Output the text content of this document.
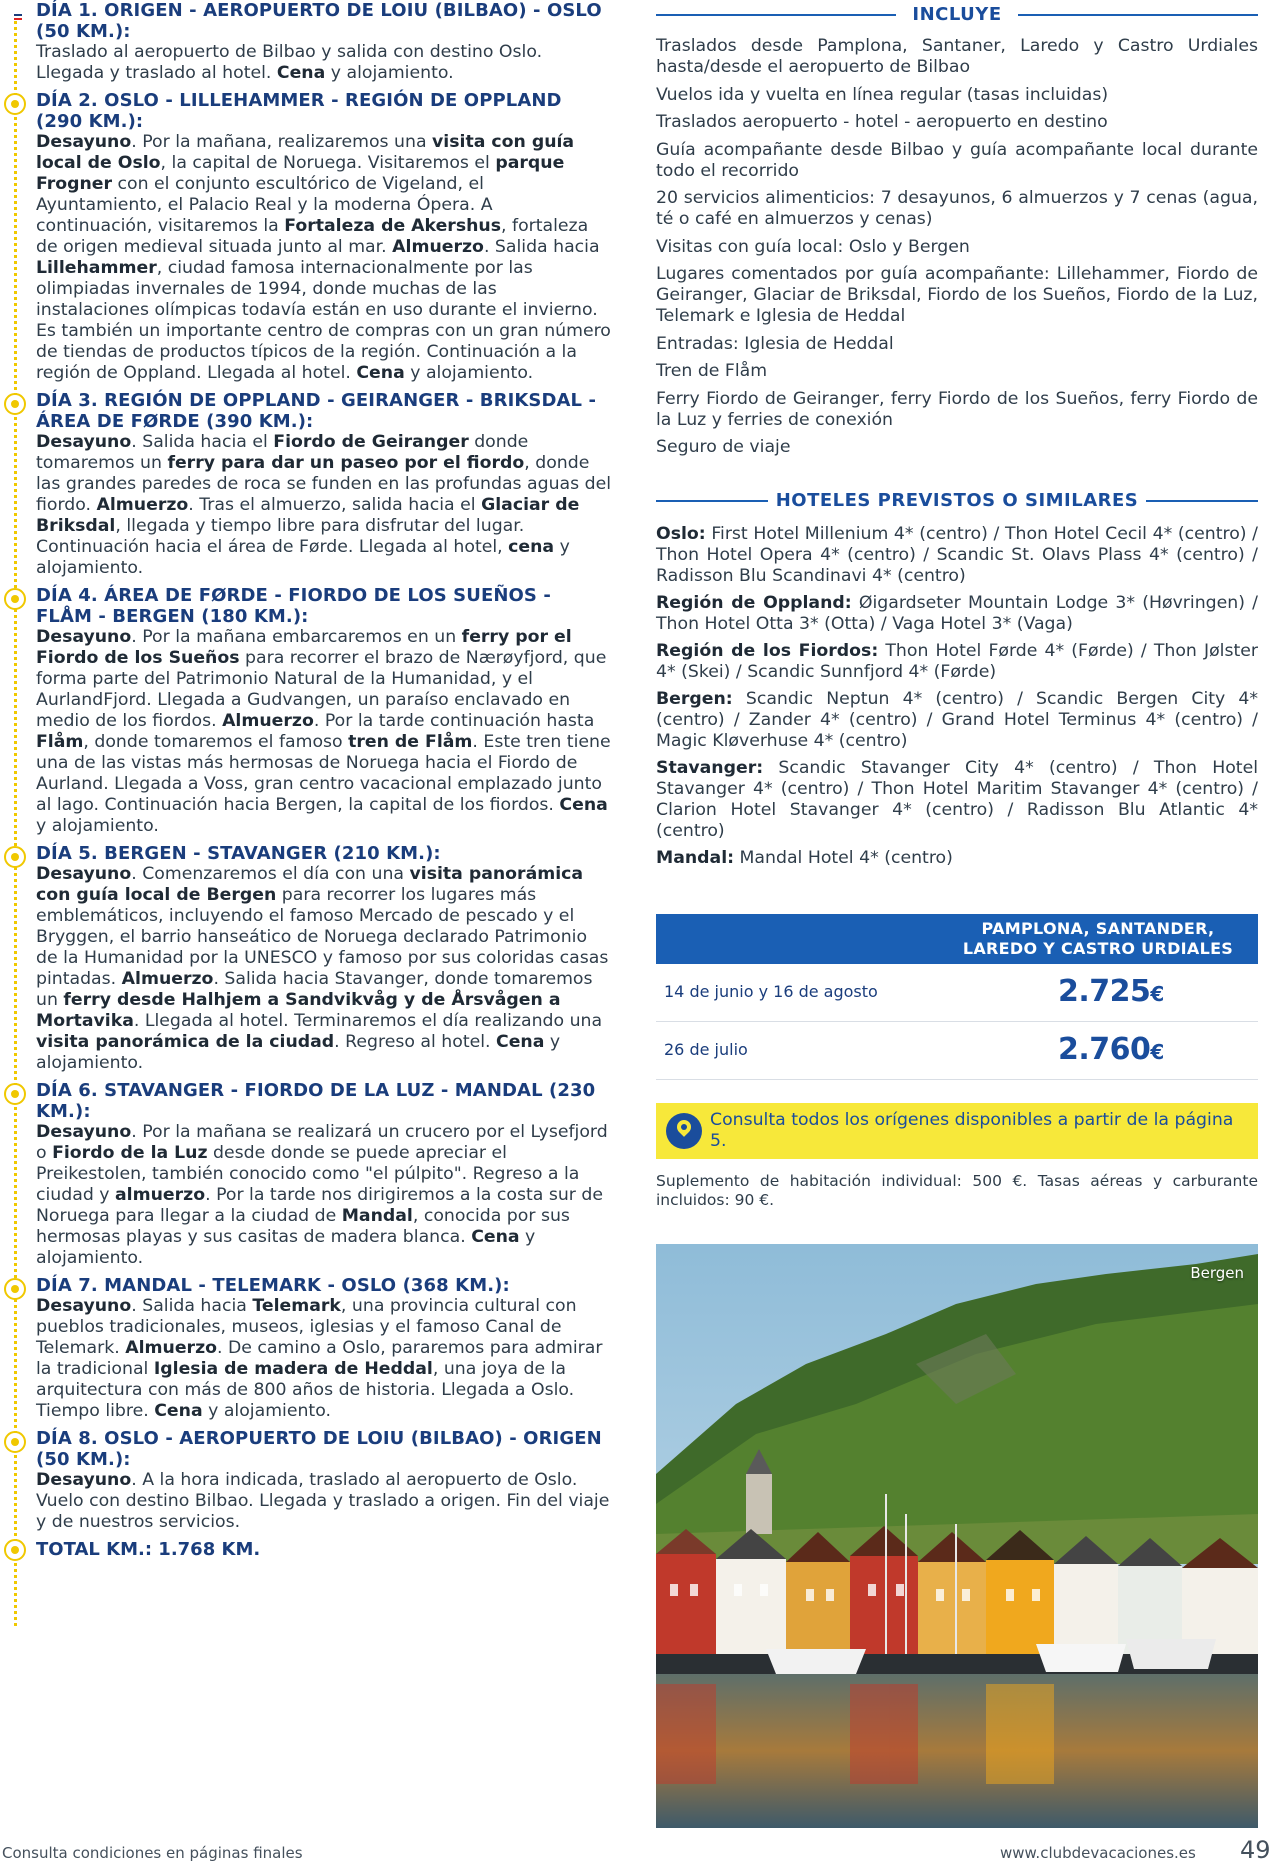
DÍA 1. ORIGEN - AEROPUERTO DE LOIU (BILBAO) - OSLO (50 KM.):
Traslado al aeropuerto de Bilbao y salida con destino Oslo. Llegada y traslado al hotel. Cena y alojamiento.
DÍA 2. OSLO - LILLEHAMMER - REGIÓN DE OPPLAND (290 KM.):
Desayuno. Por la mañana, realizaremos una visita con guía local de Oslo, la capital de Noruega. Visitaremos el parque Frogner con el conjunto escultórico de Vigeland, el Ayuntamiento, el Palacio Real y la moderna Ópera. A continuación, visitaremos la Fortaleza de Akershus, fortaleza de origen medieval situada junto al mar. Almuerzo. Salida hacia Lillehammer, ciudad famosa internacionalmente por las olimpiadas invernales de 1994, donde muchas de las instalaciones olímpicas todavía están en uso durante el invierno. Es también un importante centro de compras con un gran número de tiendas de productos típicos de la región. Continuación a la región de Oppland. Llegada al hotel. Cena y alojamiento.
DÍA 3. REGIÓN DE OPPLAND - GEIRANGER - BRIKSDAL - ÁREA DE FØRDE (390 KM.):
Desayuno. Salida hacia el Fiordo de Geiranger donde tomaremos un ferry para dar un paseo por el fiordo, donde las grandes paredes de roca se funden en las profundas aguas del fiordo. Almuerzo. Tras el almuerzo, salida hacia el Glaciar de Briksdal, llegada y tiempo libre para disfrutar del lugar. Continuación hacia el área de Førde. Llegada al hotel, cena y alojamiento.
DÍA 4. ÁREA DE FØRDE - FIORDO DE LOS SUEÑOS - FLÅM - BERGEN (180 KM.):
Desayuno. Por la mañana embarcaremos en un ferry por el Fiordo de los Sueños para recorrer el brazo de Nærøyfjord, que forma parte del Patrimonio Natural de la Humanidad, y el AurlandFjord. Llegada a Gudvangen, un paraíso enclavado en medio de los fiordos. Almuerzo. Por la tarde continuación hasta Flåm, donde tomaremos el famoso tren de Flåm. Este tren tiene una de las vistas más hermosas de Noruega hacia el Fiordo de Aurland. Llegada a Voss, gran centro vacacional emplazado junto al lago. Continuación hacia Bergen, la capital de los fiordos. Cena y alojamiento.
DÍA 5. BERGEN - STAVANGER (210 KM.):
Desayuno. Comenzaremos el día con una visita panorámica con guía local de Bergen para recorrer los lugares más emblemáticos, incluyendo el famoso Mercado de pescado y el Bryggen, el barrio hanseático de Noruega declarado Patrimonio de la Humanidad por la UNESCO y famoso por sus coloridas casas pintadas. Almuerzo. Salida hacia Stavanger, donde tomaremos un ferry desde Halhjem a Sandvikvåg y de Årsvågen a Mortavika. Llegada al hotel. Terminaremos el día realizando una visita panorámica de la ciudad. Regreso al hotel. Cena y alojamiento.
DÍA 6. STAVANGER - FIORDO DE LA LUZ - MANDAL (230 KM.):
Desayuno. Por la mañana se realizará un crucero por el Lysefjord o Fiordo de la Luz desde donde se puede apreciar el Preikestolen, también conocido como "el púlpito". Regreso a la ciudad y almuerzo. Por la tarde nos dirigiremos a la costa sur de Noruega para llegar a la ciudad de Mandal, conocida por sus hermosas playas y sus casitas de madera blanca. Cena y alojamiento.
DÍA 7. MANDAL - TELEMARK - OSLO (368 KM.):
Desayuno. Salida hacia Telemark, una provincia cultural con pueblos tradicionales, museos, iglesias y el famoso Canal de Telemark. Almuerzo. De camino a Oslo, pararemos para admirar la tradicional Iglesia de madera de Heddal, una joya de la arquitectura con más de 800 años de historia. Llegada a Oslo. Tiempo libre. Cena y alojamiento.
DÍA 8. OSLO - AEROPUERTO DE LOIU (BILBAO) - ORIGEN (50 KM.):
Desayuno. A la hora indicada, traslado al aeropuerto de Oslo. Vuelo con destino Bilbao. Llegada y traslado a origen. Fin del viaje y de nuestros servicios.
TOTAL KM.: 1.768 KM.
INCLUYE
Traslados desde Pamplona, Santaner, Laredo y Castro Urdiales hasta/desde el aeropuerto de Bilbao
Vuelos ida y vuelta en línea regular (tasas incluidas)
Traslados aeropuerto - hotel - aeropuerto en destino
Guía acompañante desde Bilbao y guía acompañante local durante todo el recorrido
20 servicios alimenticios: 7 desayunos, 6 almuerzos y 7 cenas (agua, té o café en almuerzos y cenas)
Visitas con guía local: Oslo y Bergen
Lugares comentados por guía acompañante: Lillehammer, Fiordo de Geiranger, Glaciar de Briksdal, Fiordo de los Sueños, Fiordo de la Luz, Telemark e Iglesia de Heddal
Entradas: Iglesia de Heddal
Tren de Flåm
Ferry Fiordo de Geiranger, ferry Fiordo de los Sueños, ferry Fiordo de la Luz y ferries de conexión
Seguro de viaje
HOTELES PREVISTOS O SIMILARES
Oslo: First Hotel Millenium 4* (centro) / Thon Hotel Cecil 4* (centro) / Thon Hotel Opera 4* (centro) / Scandic St. Olavs Plass 4* (centro) / Radisson Blu Scandinavi 4* (centro)
Región de Oppland: Øigardseter Mountain Lodge 3* (Høvringen) / Thon Hotel Otta 3* (Otta) / Vaga Hotel 3* (Vaga)
Región de los Fiordos: Thon Hotel Førde 4* (Førde) / Thon Jølster 4* (Skei) / Scandic Sunnfjord 4* (Førde)
Bergen: Scandic Neptun 4* (centro) / Scandic Bergen City 4* (centro) / Zander 4* (centro) / Grand Hotel Terminus 4* (centro) / Magic Kløverhuse 4* (centro)
Stavanger: Scandic Stavanger City 4* (centro) / Thon Hotel Stavanger 4* (centro) / Thon Hotel Maritim Stavanger 4* (centro) / Clarion Hotel Stavanger 4* (centro) / Radisson Blu Atlantic 4* (centro)
Mandal: Mandal Hotel 4* (centro)
PAMPLONA, SANTANDER,
LAREDO Y CASTRO URDIALES
14 de junio y 16 de agosto	2.725€
26 de julio	2.760€
Consulta todos los orígenes disponibles a partir de la página 5.
Suplemento de habitación individual: 500 €. Tasas aéreas y carburante incluidos: 90 €.
Bergen
Consulta condiciones en páginas finales	www.clubdevacaciones.es 49
